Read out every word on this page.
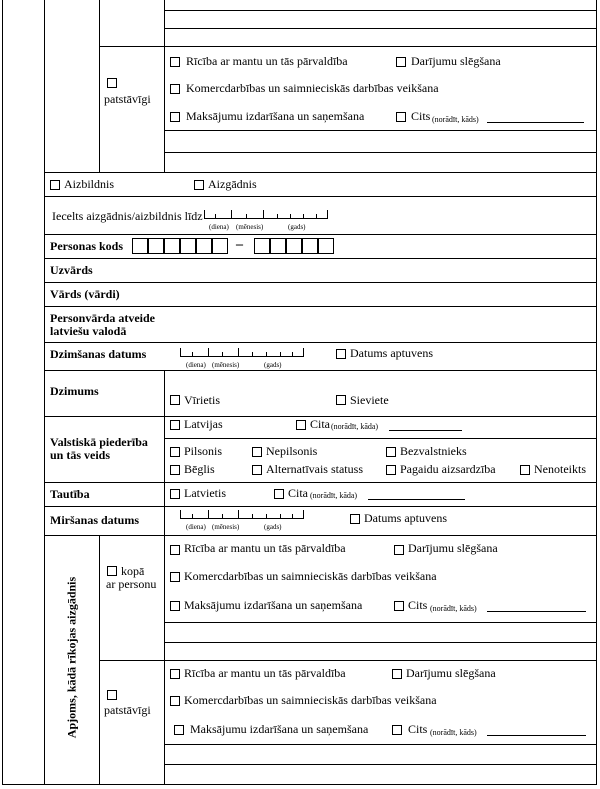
patstāvīgi
Rīcība ar mantu un tās pārvaldība	Darījumu slēgšana
Komercdarbības un saimnieciskās darbības veikšana
Maksājumu izdarīšana un saņemšana	Cits (norādīt, kāds)
Aizbildnis	Aizgādnis
Iecelts aizgādnis/aizbildnis līdz
(diena) (mēnesis)	(gads)
Personas kods	–
Uzvārds
Vārds (vārdi)
Personvārda atveide
latviešu valodā
Dzimšanas datums
(diena) (mēnesis)	(gads)
Datums aptuvens
Dzimums
Vīrietis	Sieviete
Valstiskā piederība
un tās veids
Latvijas	Cita (norādīt, kāda)
Pilsonis	Nepilsonis	Bezvalstnieks
Bēglis	Alternatīvais statuss	Pagaidu aizsardzība	Nenoteikts
Tautība	Latvietis	Cita (norādīt, kāda)
Miršanas datums	(diena) (mēnesis)	(gads)
Datums aptuvens
Apjoms, kādā rīkojas aizgādnis
kopā
ar personu
Rīcība ar mantu un tās pārvaldība	Darījumu slēgšana
Komercdarbības un saimnieciskās darbības veikšana
Maksājumu izdarīšana un saņemšana	Cits (norādīt, kāds)
patstāvīgi
Rīcība ar mantu un tās pārvaldība	Darījumu slēgšana
Komercdarbības un saimnieciskās darbības veikšana
Maksājumu izdarīšana un saņemšana	Cits (norādīt, kāds)
